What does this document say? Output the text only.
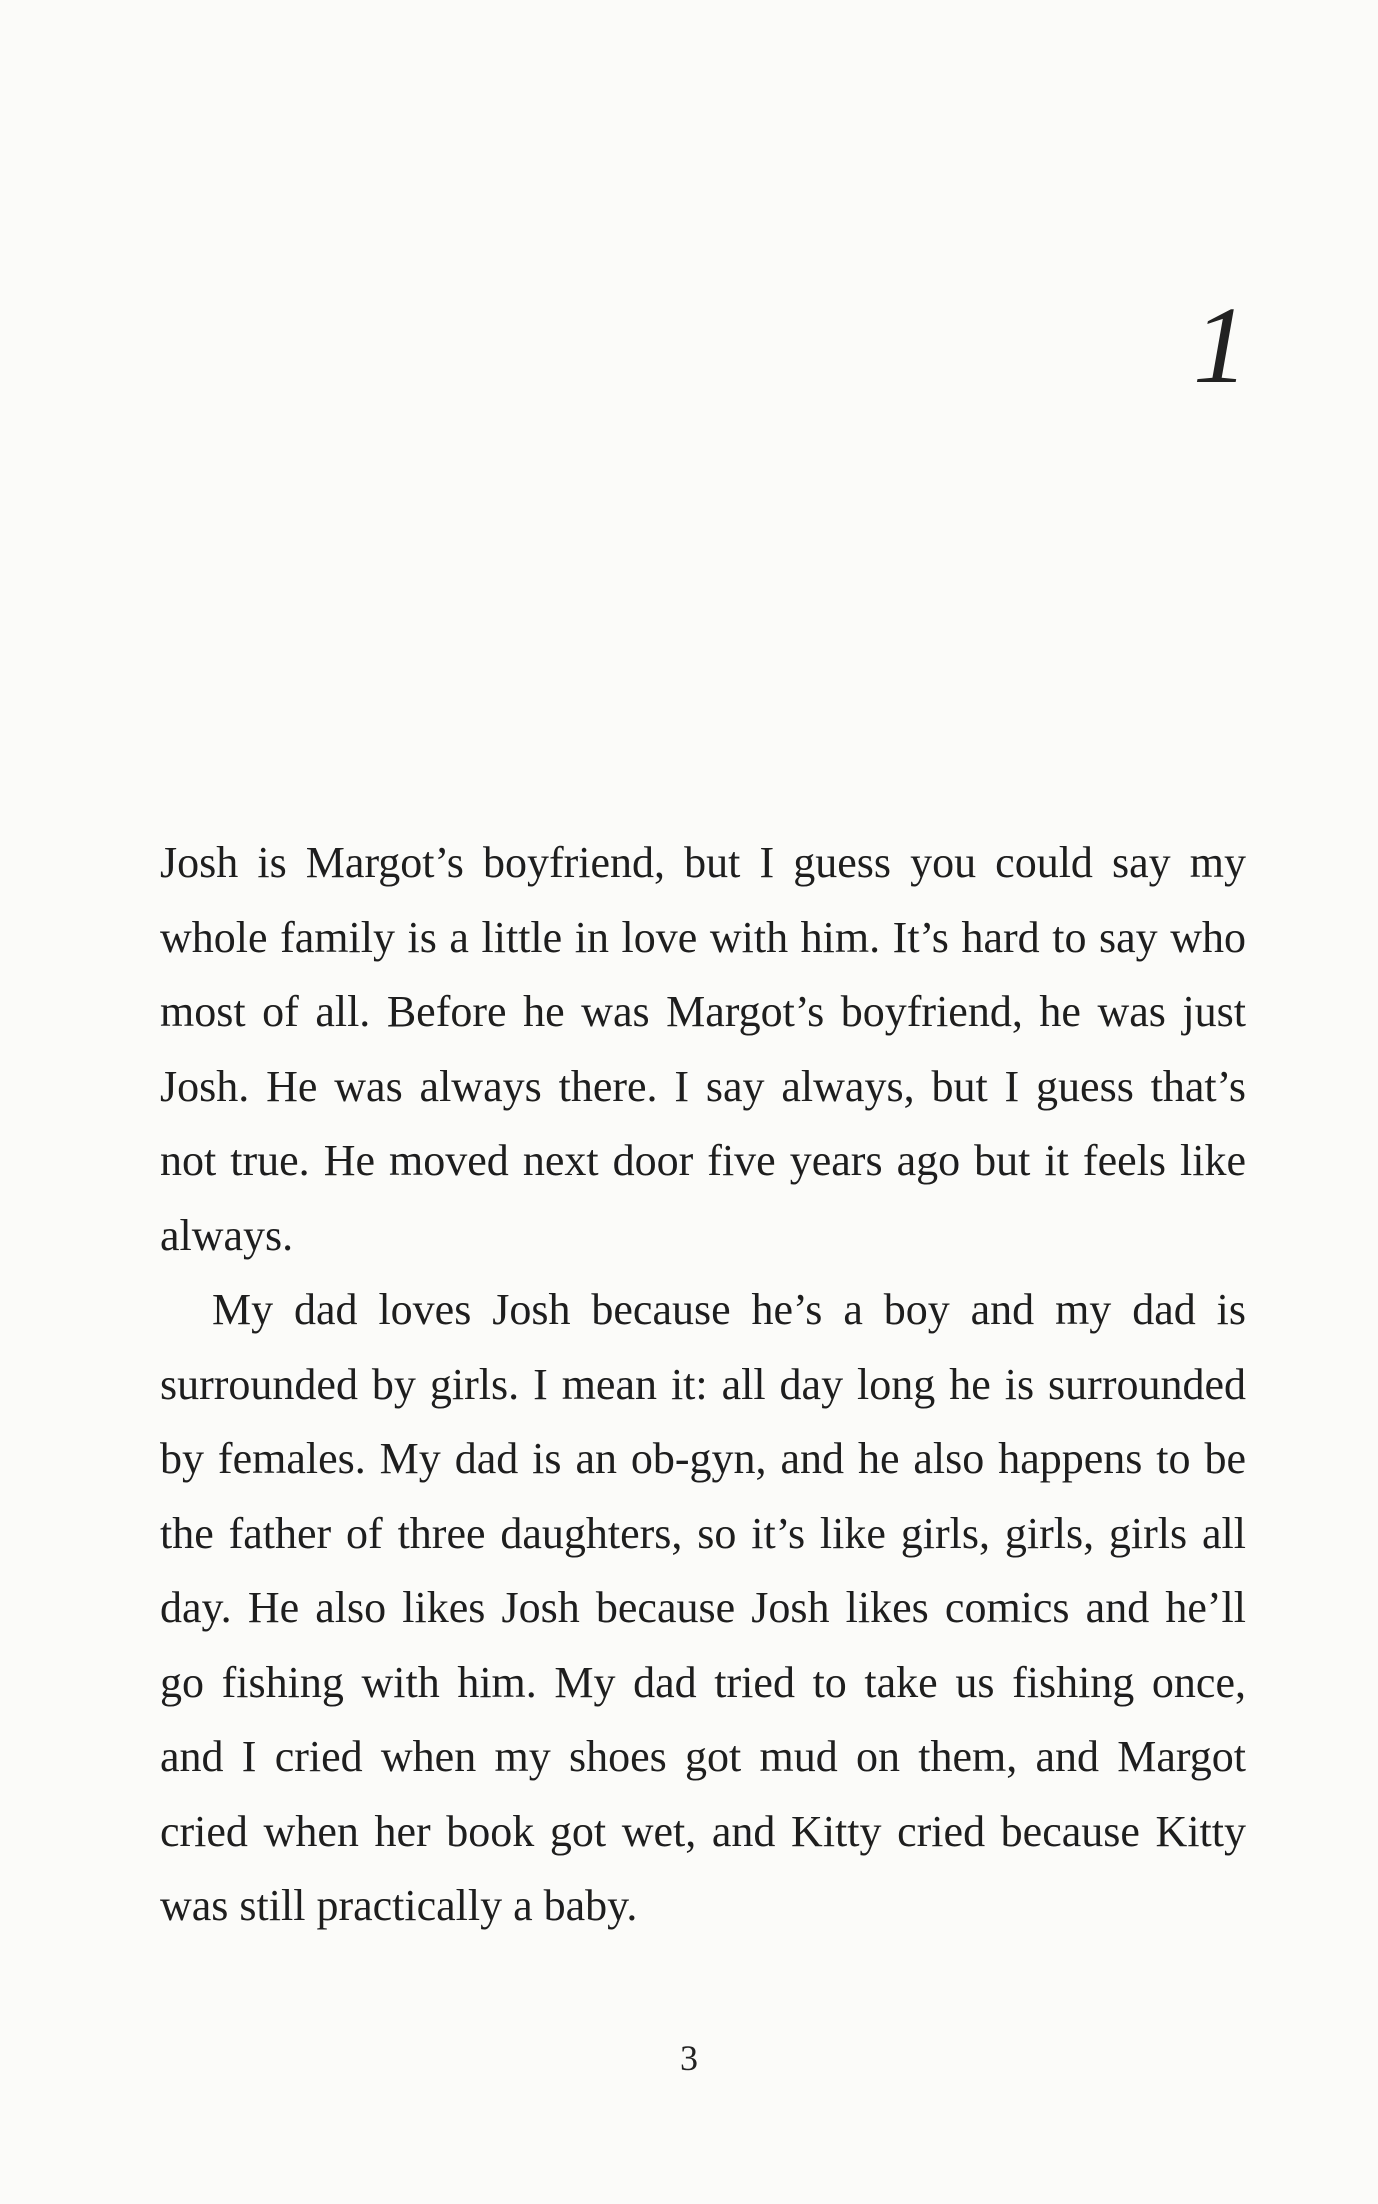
1

Josh is Margot’s boyfriend, but I guess you could say my whole family is a little in love with him. It’s hard to say who most of all. Before he was Margot’s boyfriend, he was just Josh. He was always there. I say always, but I guess that’s not true. He moved next door five years ago but it feels like always.

My dad loves Josh because he’s a boy and my dad is surrounded by girls. I mean it: all day long he is surrounded by females. My dad is an ob-gyn, and he also happens to be the father of three daughters, so it’s like girls, girls, girls all day. He also likes Josh because Josh likes comics and he’ll go fishing with him. My dad tried to take us fishing once, and I cried when my shoes got mud on them, and Margot cried when her book got wet, and Kitty cried because Kitty was still practically a baby.

3
